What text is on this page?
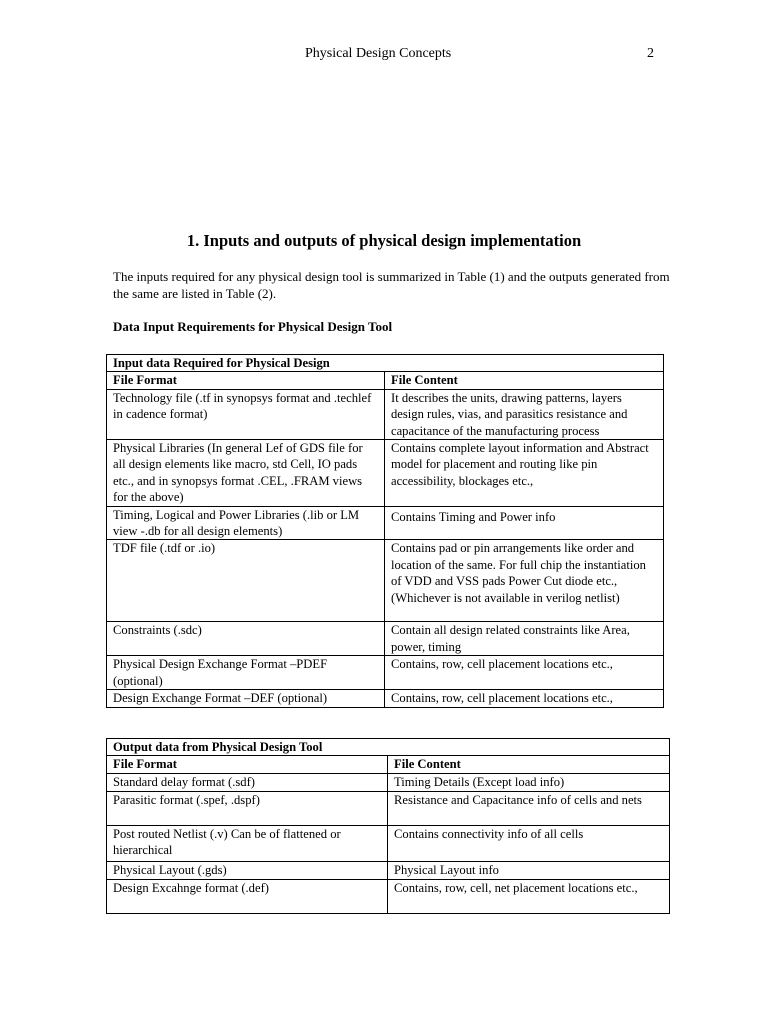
Physical Design Concepts	2
1. Inputs and outputs of physical design implementation
The inputs required for any physical design tool is summarized in Table (1) and the outputs generated from the same are listed in Table (2).
Data Input Requirements for Physical Design Tool
Input data Required for Physical Design	
File Format	File Content
Technology file (.tf in synopsys format and .techlef in cadence format)	It describes the units, drawing patterns, layers design rules, vias, and parasitics resistance and capacitance of the manufacturing process
Physical Libraries (In general Lef of GDS file for all design elements like macro, std Cell, IO pads etc., and in synopsys format .CEL, .FRAM views for the above)	Contains complete layout information and Abstract model for placement and routing like pin accessibility, blockages etc.,
Timing, Logical and Power Libraries (.lib or LM view -.db for all design elements)	Contains Timing and Power info
TDF file (.tdf or .io)	Contains pad or pin arrangements like order and location of the same. For full chip the instantiation of VDD and VSS pads Power Cut diode etc., (Whichever is not available in verilog netlist)
Constraints (.sdc)	Contain all design related constraints like Area, power, timing
Physical Design Exchange Format –PDEF (optional)	Contains, row, cell placement locations etc.,
Design Exchange Format –DEF (optional)	Contains, row, cell placement locations etc.,
Output data from Physical Design Tool	
File Format	File Content
Standard delay format (.sdf)	Timing Details (Except load info)
Parasitic format (.spef, .dspf)	Resistance and Capacitance info of cells and nets
Post routed Netlist (.v) Can be of flattened or hierarchical	Contains connectivity info of all cells
Physical Layout (.gds)	Physical Layout info
Design Excahnge format (.def)	Contains, row, cell, net placement locations etc.,
